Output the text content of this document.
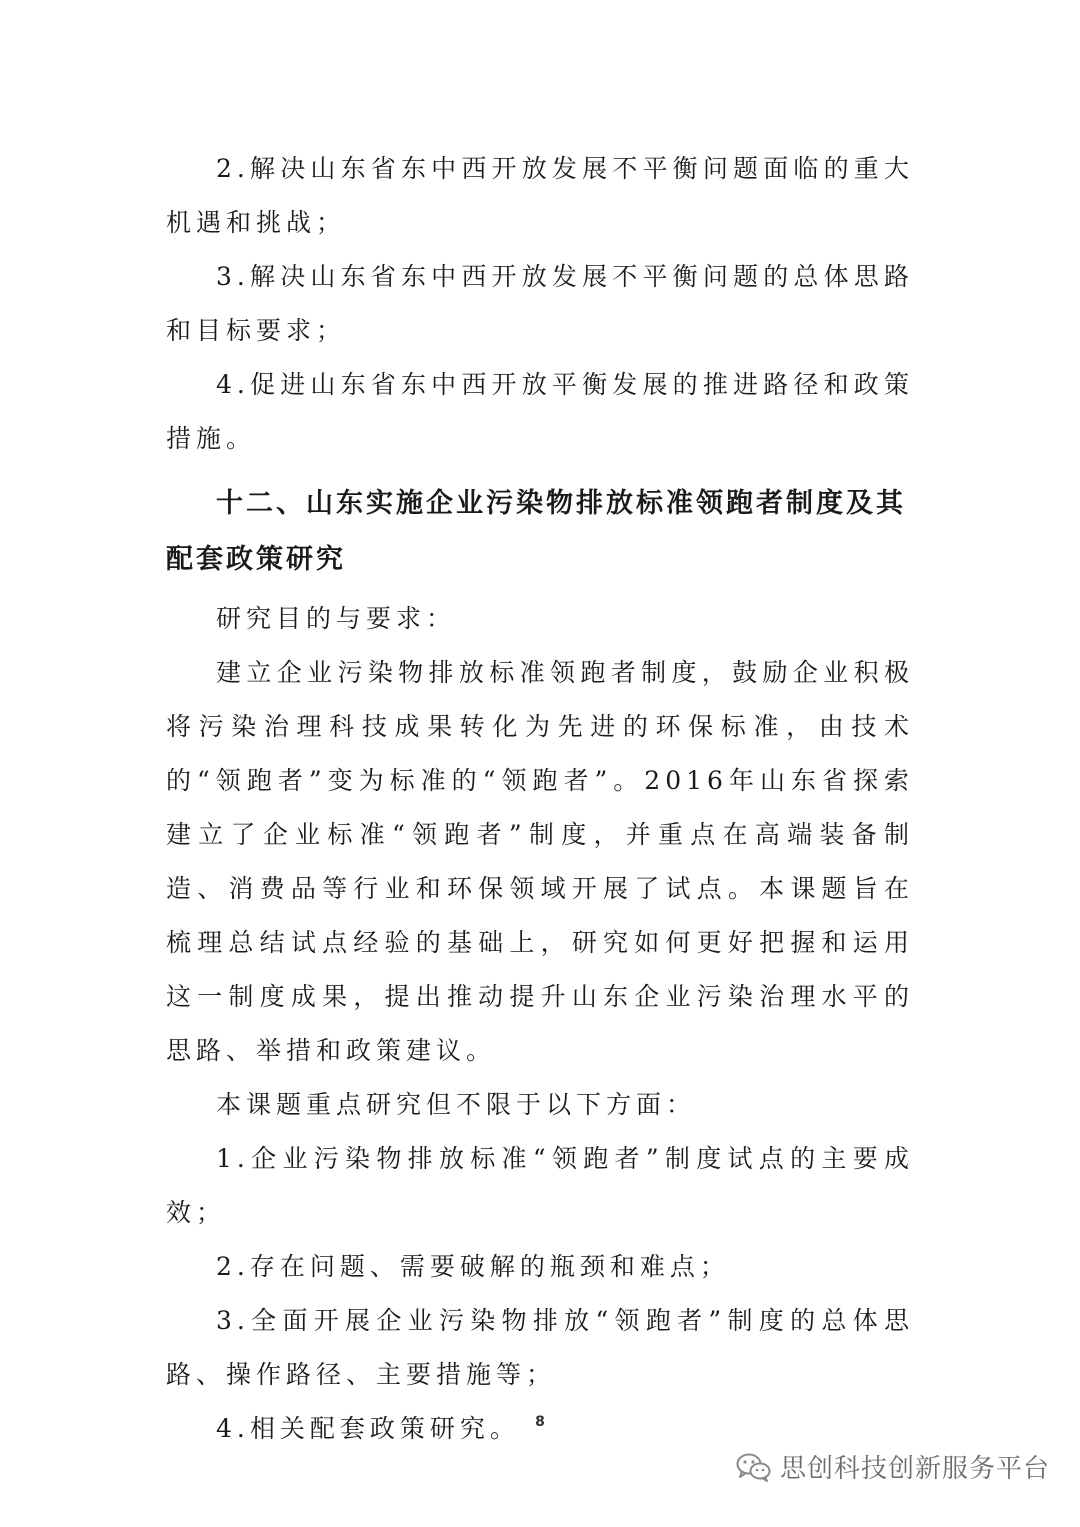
2.解决山东省东中西开放发展不平衡问题面临的重大机遇和挑战；

3.解决山东省东中西开放发展不平衡问题的总体思路和目标要求；

4.促进山东省东中西开放平衡发展的推进路径和政策措施。

十二、山东实施企业污染物排放标准领跑者制度及其配套政策研究

研究目的与要求：

建立企业污染物排放标准领跑者制度，鼓励企业积极将污染治理科技成果转化为先进的环保标准，由技术的“领跑者”变为标准的“领跑者”。2016年山东省探索建立了企业标准“领跑者”制度，并重点在高端装备制造、消费品等行业和环保领域开展了试点。本课题旨在梳理总结试点经验的基础上，研究如何更好把握和运用这一制度成果，提出推动提升山东企业污染治理水平的思路、举措和政策建议。

本课题重点研究但不限于以下方面：

1.企业污染物排放标准“领跑者”制度试点的主要成效；

2.存在问题、需要破解的瓶颈和难点；

3.全面开展企业污染物排放“领跑者”制度的总体思路、操作路径、主要措施等；

4.相关配套政策研究。	8
思创科技创新服务平台
